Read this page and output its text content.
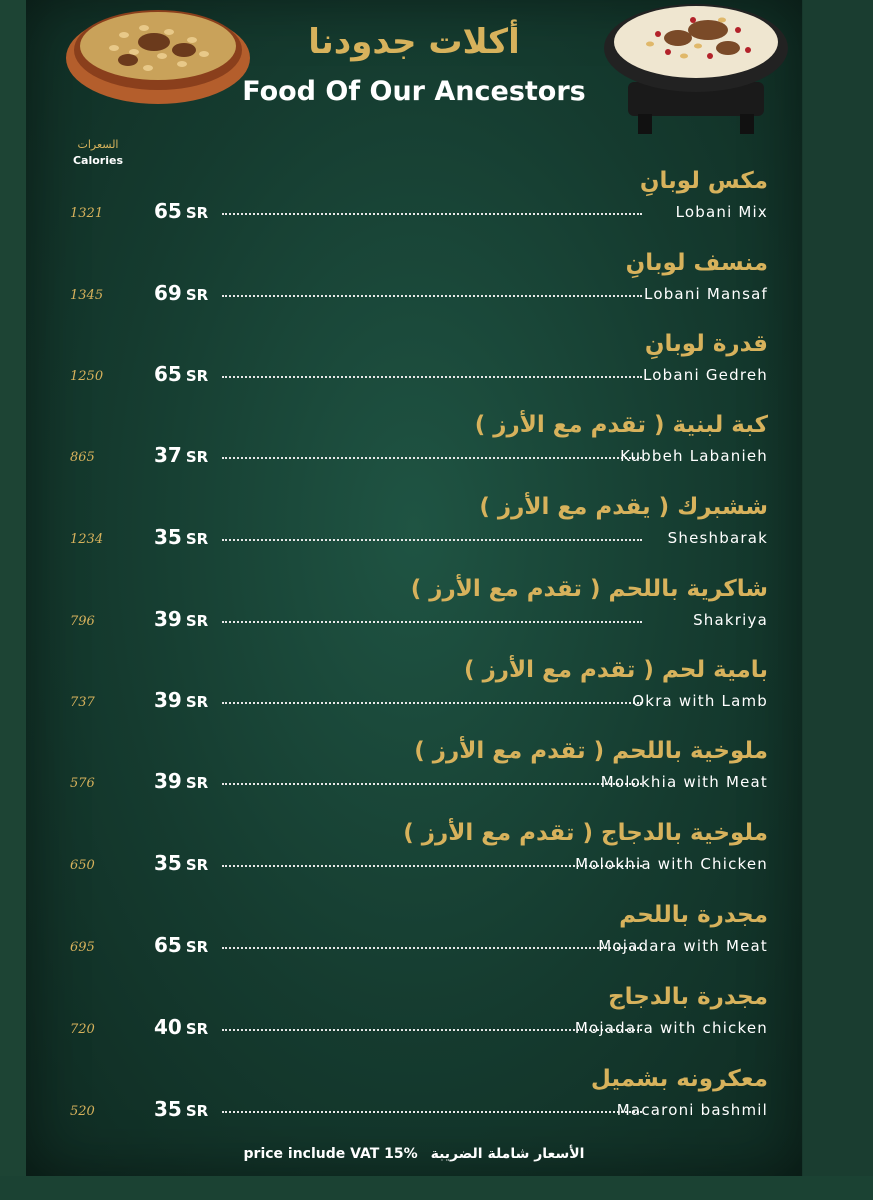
أكلات جدودنا
Food Of Our Ancestors
السعرات
Calories
مكس لوبانِ
1321	65 SR	Lobani Mix
منسف لوبانِ
1345	69 SR	Lobani Mansaf
قدرة لوبانِ
1250	65 SR	Lobani Gedreh
كبة لبنية ( تقدم مع الأرز )
865	37 SR	Kubbeh Labanieh
ششبرك ( يقدم مع الأرز )
1234	35 SR	Sheshbarak
شاكرية باللحم ( تقدم مع الأرز )
796	39 SR	Shakriya
بامية لحم ( تقدم مع الأرز )
737	39 SR	Okra with Lamb
ملوخية باللحم ( تقدم مع الأرز )
576	39 SR	Molokhia with Meat
ملوخية بالدجاج ( تقدم مع الأرز )
650	35 SR	Molokhia with Chicken
مجدرة باللحم
695	65 SR	Mojadara with Meat
مجدرة بالدجاج
720	40 SR	Mojadara with chicken
معكرونه بشميل
520	35 SR	Macaroni bashmil
price include VAT 15% الأسعار شاملة الضريبة
